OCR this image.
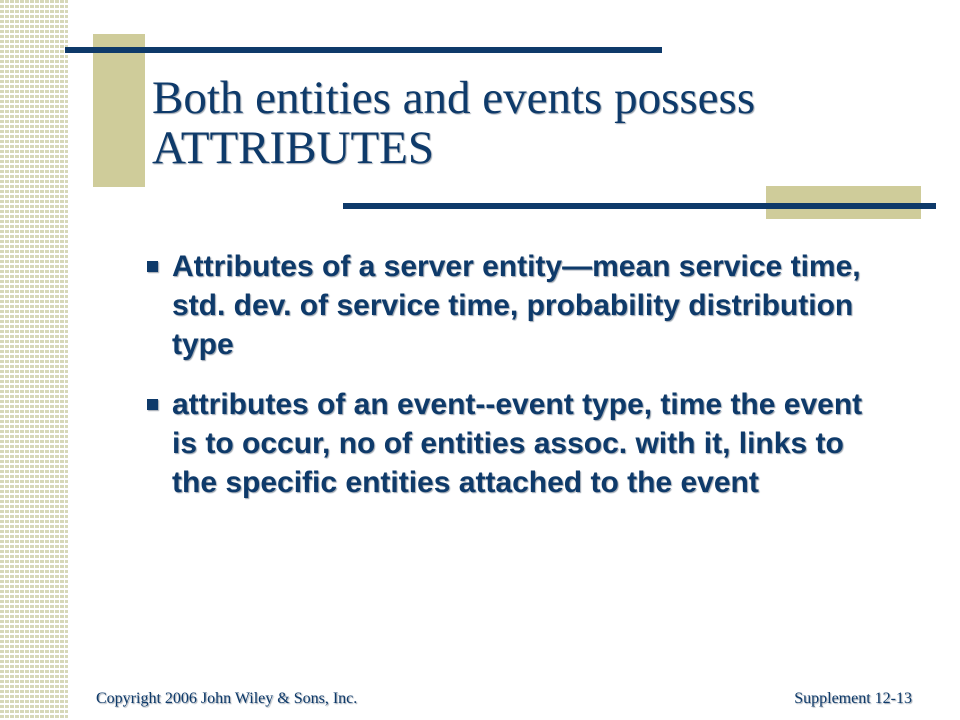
Both entities and events possess ATTRIBUTES
Attributes of a server entity—mean service time, std. dev. of service time, probability distribution type
attributes of an event--event type, time the event is to occur, no of entities assoc. with it, links to the specific entities attached to the event
Copyright 2006 John Wiley & Sons, Inc.	Supplement 12-13
